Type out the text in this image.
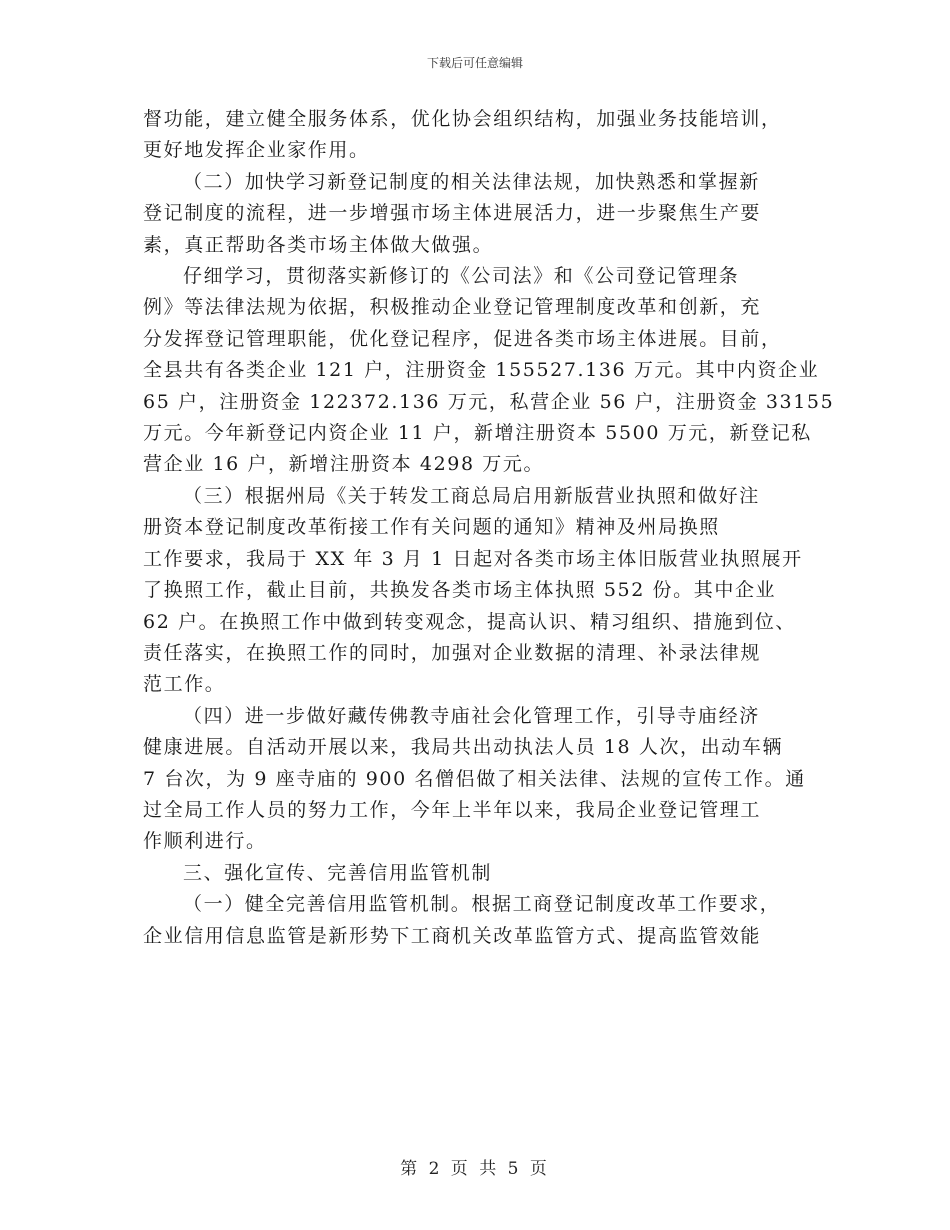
下载后可任意编辑

督功能，建立健全服务体系，优化协会组织结构，加强业务技能培训，
更好地发挥企业家作用。

（二）加快学习新登记制度的相关法律法规，加快熟悉和掌握新
登记制度的流程，进一步增强市场主体进展活力，进一步聚焦生产要
素，真正帮助各类市场主体做大做强。

仔细学习，贯彻落实新修订的《公司法》和《公司登记管理条
例》等法律法规为依据，积极推动企业登记管理制度改革和创新，充
分发挥登记管理职能，优化登记程序，促进各类市场主体进展。目前，
全县共有各类企业 121 户，注册资金 155527.136 万元。其中内资企业
65 户，注册资金 122372.136 万元，私营企业 56 户，注册资金 33155
万元。今年新登记内资企业 11 户，新增注册资本 5500 万元，新登记私
营企业 16 户，新增注册资本 4298 万元。

（三）根据州局《关于转发工商总局启用新版营业执照和做好注
册资本登记制度改革衔接工作有关问题的通知》精神及州局换照
工作要求，我局于 XX 年 3 月 1 日起对各类市场主体旧版营业执照展开
了换照工作，截止目前，共换发各类市场主体执照 552 份。其中企业
62 户。在换照工作中做到转变观念，提高认识、精习组织、措施到位、
责任落实，在换照工作的同时，加强对企业数据的清理、补录法律规
范工作。

（四）进一步做好藏传佛教寺庙社会化管理工作，引导寺庙经济
健康进展。自活动开展以来，我局共出动执法人员 18 人次，出动车辆
7 台次，为 9 座寺庙的 900 名僧侣做了相关法律、法规的宣传工作。通
过全局工作人员的努力工作，今年上半年以来，我局企业登记管理工
作顺利进行。

三、强化宣传、完善信用监管机制

（一）健全完善信用监管机制。根据工商登记制度改革工作要求，
企业信用信息监管是新形势下工商机关改革监管方式、提高监管效能

第 2 页 共 5 页
